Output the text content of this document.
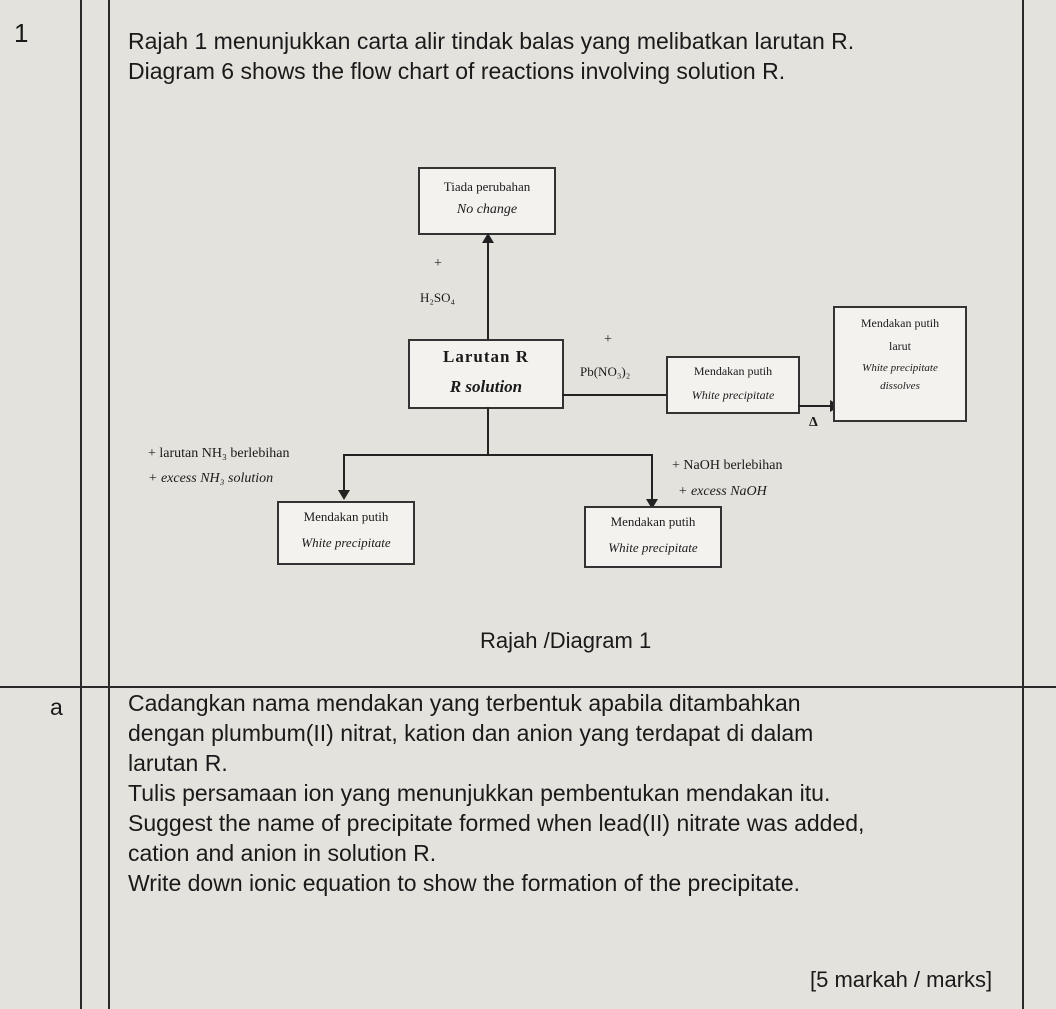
1	Rajah 1 menunjukkan carta alir tindak balas yang melibatkan larutan R.
Diagram 6 shows the flow chart of reactions involving solution R.
Tiada perubahan
No change
+
H₂SO₄
Larutan R
R solution
+
Pb(NO₃)₂	Mendakan putih
White precipitate
Δ
Mendakan putih
larut
White precipitate
dissolves
+ larutan NH₃ berlebihan
+ excess NH₃ solution
Mendakan putih
White precipitate
+ NaOH berlebihan
+ excess NaOH
Mendakan putih
White precipitate
Rajah /Diagram 1
a	Cadangkan nama mendakan yang terbentuk apabila ditambahkan
dengan plumbum(II) nitrat, kation dan anion yang terdapat di dalam
larutan R.
Tulis persamaan ion yang menunjukkan pembentukan mendakan itu.
Suggest the name of precipitate formed when lead(II) nitrate was added,
cation and anion in solution R.
Write down ionic equation to show the formation of the precipitate.
[5 markah / marks]
